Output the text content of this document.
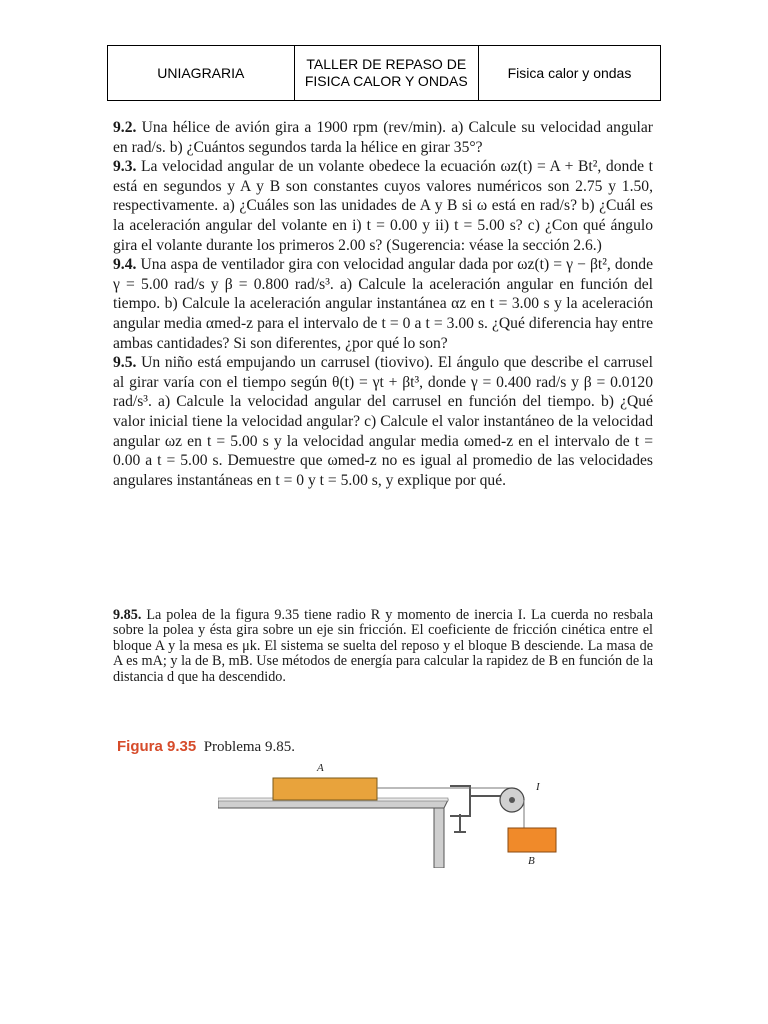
UNIAGRARIA	TALLER DE REPASO DE FISICA CALOR Y ONDAS	Fisica calor y ondas

9.2. Una hélice de avión gira a 1900 rpm (rev/min). a) Calcule su velocidad angular en rad/s. b) ¿Cuántos segundos tarda la hélice en girar 35°?

9.3. La velocidad angular de un volante obedece la ecuación ωz(t) = A + Bt², donde t está en segundos y A y B son constantes cuyos valores numéricos son 2.75 y 1.50, respectivamente. a) ¿Cuáles son las unidades de A y B si ω está en rad/s? b) ¿Cuál es la aceleración angular del volante en i) t = 0.00 y ii) t = 5.00 s? c) ¿Con qué ángulo gira el volante durante los primeros 2.00 s? (Sugerencia: véase la sección 2.6.)

9.4. Una aspa de ventilador gira con velocidad angular dada por ωz(t) = γ − βt², donde γ = 5.00 rad/s y β = 0.800 rad/s³. a) Calcule la aceleración angular en función del tiempo. b) Calcule la aceleración angular instantánea αz en t = 3.00 s y la aceleración angular media αmed-z para el intervalo de t = 0 a t = 3.00 s. ¿Qué diferencia hay entre ambas cantidades? Si son diferentes, ¿por qué lo son?

9.5. Un niño está empujando un carrusel (tiovivo). El ángulo que describe el carrusel al girar varía con el tiempo según θ(t) = γt + βt³, donde γ = 0.400 rad/s y β = 0.0120 rad/s³. a) Calcule la velocidad angular del carrusel en función del tiempo. b) ¿Qué valor inicial tiene la velocidad angular? c) Calcule el valor instantáneo de la velocidad angular ωz en t = 5.00 s y la velocidad angular media ωmed-z en el intervalo de t = 0.00 a t = 5.00 s. Demuestre que ωmed-z no es igual al promedio de las velocidades angulares instantáneas en t = 0 y t = 5.00 s, y explique por qué.

9.85. La polea de la figura 9.35 tiene radio R y momento de inercia I. La cuerda no resbala sobre la polea y ésta gira sobre un eje sin fricción. El coeficiente de fricción cinética entre el bloque A y la mesa es μk. El sistema se suelta del reposo y el bloque B desciende. La masa de A es mA; y la de B, mB. Use métodos de energía para calcular la rapidez de B en función de la distancia d que ha descendido.

Figura 9.35 Problema 9.85.
A
I
B
